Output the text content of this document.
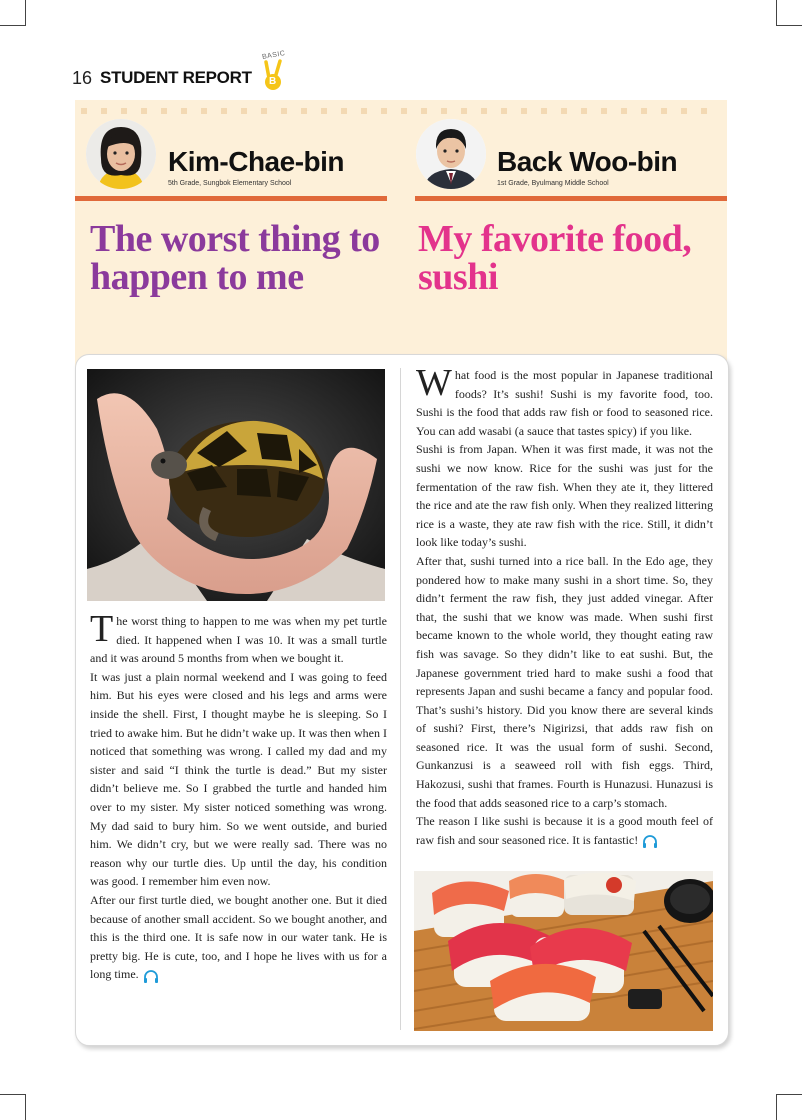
16 STUDENT REPORT
BASIC
B
Kim-Chae-bin
5th Grade, Sungbok Elementary School
The worst thing to
happen to me
Back Woo-bin
1st Grade, Byulmang Middle School
My favorite food,
sushi

The worst thing to happen to me was when my pet turtle died. It happened when I was 10. It was a small turtle and it was around 5 months from when we bought it.

It was just a plain normal weekend and I was going to feed him. But his eyes were closed and his legs and arms were inside the shell. First, I thought maybe he is sleeping. So I tried to awake him. But he didn’t wake up. It was then when I noticed that something was wrong. I called my dad and my sister and said “I think the turtle is dead.” But my sister didn’t believe me. So I grabbed the turtle and handed him over to my sister. My sister noticed something was wrong. My dad said to bury him. So we went outside, and buried him. We didn’t cry, but we were really sad. There was no reason why our turtle dies. Up until the day, his condition was good. I remember him even now.

After our first turtle died, we bought another one. But it died because of another small accident. So we bought another, and this is the third one. It is safe now in our water tank. He is pretty big. He is cute, too, and I hope he lives with us for a long time.

What food is the most popular in Japanese traditional foods? It’s sushi! Sushi is my favorite food, too. Sushi is the food that adds raw fish or food to seasoned rice. You can add wasabi (a sauce that tastes spicy) if you like.

Sushi is from Japan. When it was first made, it was not the sushi we now know. Rice for the sushi was just for the fermentation of the raw fish. When they ate it, they littered the rice and ate the raw fish only. When they realized littering rice is a waste, they ate raw fish with the rice. Still, it didn’t look like today’s sushi.

After that, sushi turned into a rice ball. In the Edo age, they pondered how to make many sushi in a short time. So, they didn’t ferment the raw fish, they just added vinegar. After that, the sushi that we know was made. When sushi first became known to the whole world, they thought eating raw fish was savage. So they didn’t like to eat sushi. But, the Japanese government tried hard to make sushi a food that represents Japan and sushi became a fancy and popular food. That’s sushi’s history. Did you know there are several kinds of sushi? First, there’s Nigirizsi, that adds raw fish on seasoned rice. It was the usual form of sushi. Second, Gunkanzusi is a seaweed roll with fish eggs. Third, Hakozusi, sushi that frames. Fourth is Hunazusi. Hunazusi is the food that adds seasoned rice to a carp’s stomach.

The reason I like sushi is because it is a good mouth feel of raw fish and sour seasoned rice. It is fantastic!
